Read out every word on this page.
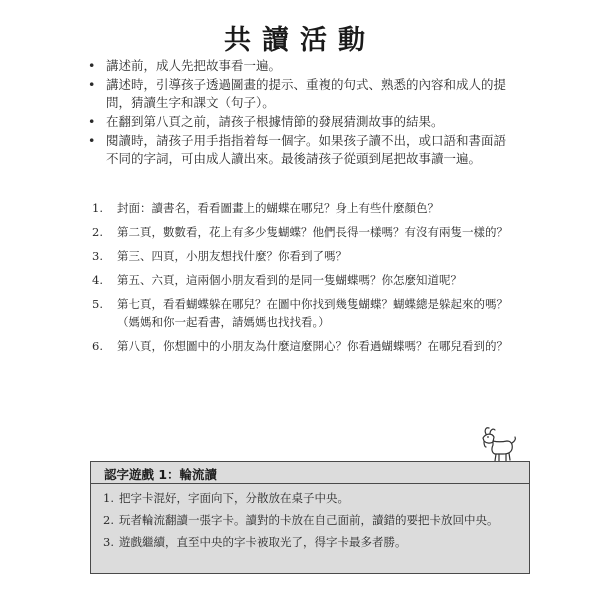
共讀活動
• 講述前，成人先把故事看一遍。
• 講述時，引導孩子透過圖畫的提示、重複的句式、熟悉的內容和成人的提問，猜讀生字和課文（句子）。
• 在翻到第八頁之前，請孩子根據情節的發展猜測故事的結果。
• 閱讀時，請孩子用手指指着每一個字。如果孩子讀不出，或口語和書面語不同的字詞，可由成人讀出來。最後請孩子從頭到尾把故事讀一遍。
1. 封面：讀書名，看看圖畫上的蝴蝶在哪兒？身上有些什麼顏色？
2. 第二頁，數數看，花上有多少隻蝴蝶？他們長得一樣嗎？有沒有兩隻一樣的？
3. 第三、四頁，小朋友想找什麼？你看到了嗎？
4. 第五、六頁，這兩個小朋友看到的是同一隻蝴蝶嗎？你怎麼知道呢？
5. 第七頁，看看蝴蝶躲在哪兒？在圖中你找到幾隻蝴蝶？蝴蝶總是躲起來的嗎？（媽媽和你一起看書，請媽媽也找找看。）
6. 第八頁，你想圖中的小朋友為什麼這麼開心？你看過蝴蝶嗎？在哪兒看到的？
認字遊戲 1：輪流讀
1. 把字卡混好，字面向下，分散放在桌子中央。
2. 玩者輪流翻讀一張字卡。讀對的卡放在自己面前，讀錯的要把卡放回中央。
3. 遊戲繼續，直至中央的字卡被取光了，得字卡最多者勝。
